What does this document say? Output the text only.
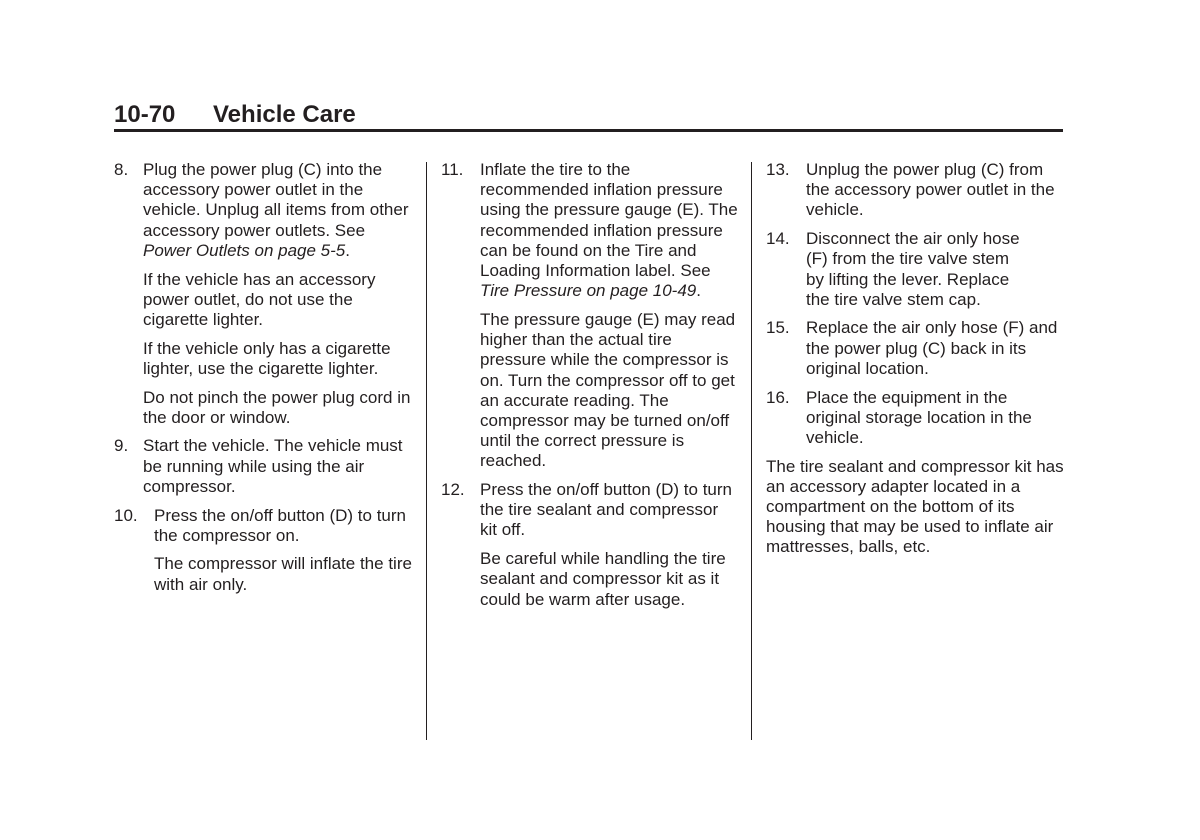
10-70 Vehicle Care
8. Plug the power plug (C) into the accessory power outlet in the vehicle. Unplug all items from other accessory power outlets. See Power Outlets on page 5-5.
If the vehicle has an accessory power outlet, do not use the cigarette lighter.
If the vehicle only has a cigarette lighter, use the cigarette lighter.
Do not pinch the power plug cord in the door or window.
9. Start the vehicle. The vehicle must be running while using the air compressor.
10. Press the on/off button (D) to turn the compressor on.
The compressor will inflate the tire with air only.
11. Inflate the tire to the recommended inflation pressure using the pressure gauge (E). The recommended inflation pressure can be found on the Tire and Loading Information label. See Tire Pressure on page 10-49.
The pressure gauge (E) may read higher than the actual tire pressure while the compressor is on. Turn the compressor off to get an accurate reading. The compressor may be turned on/off until the correct pressure is reached.
12. Press the on/off button (D) to turn the tire sealant and compressor kit off.
Be careful while handling the tire sealant and compressor kit as it could be warm after usage.
13. Unplug the power plug (C) from the accessory power outlet in the vehicle.
14. Disconnect the air only hose (F) from the tire valve stem by lifting the lever. Replace the tire valve stem cap.
15. Replace the air only hose (F) and the power plug (C) back in its original location.
16. Place the equipment in the original storage location in the vehicle.
The tire sealant and compressor kit has an accessory adapter located in a compartment on the bottom of its housing that may be used to inflate air mattresses, balls, etc.
